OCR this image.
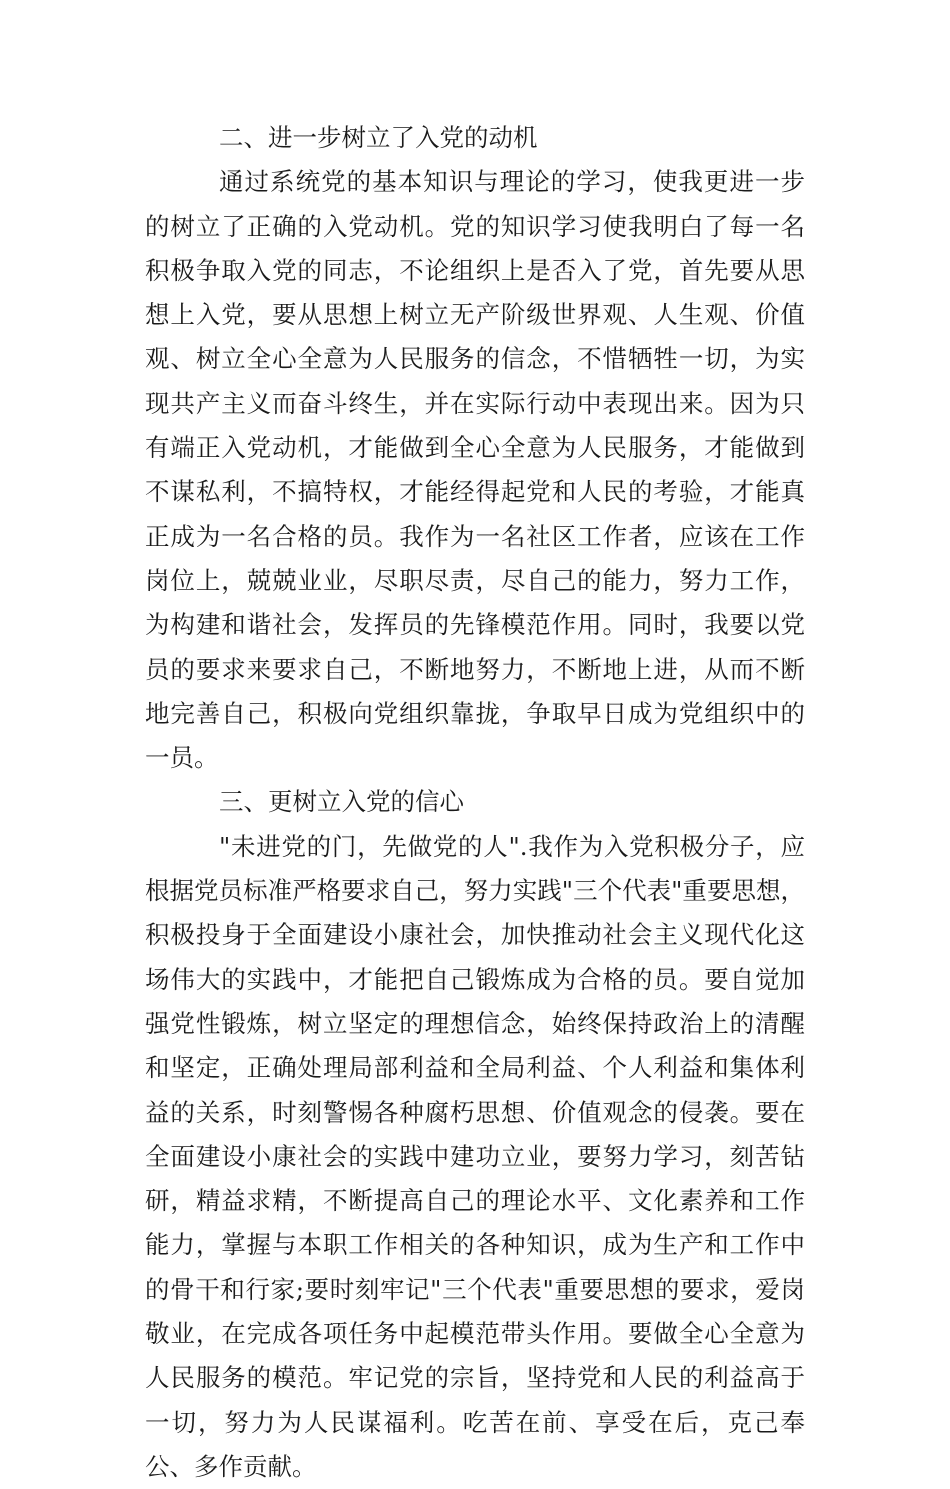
二、进一步树立了入党的动机

通过系统党的基本知识与理论的学习，使我更进一步的树立了正确的入党动机。党的知识学习使我明白了每一名积极争取入党的同志，不论组织上是否入了党，首先要从思想上入党，要从思想上树立无产阶级世界观、人生观、价值观、树立全心全意为人民服务的信念，不惜牺牲一切，为实现共产主义而奋斗终生，并在实际行动中表现出来。因为只有端正入党动机，才能做到全心全意为人民服务，才能做到不谋私利，不搞特权，才能经得起党和人民的考验，才能真正成为一名合格的员。我作为一名社区工作者，应该在工作岗位上，兢兢业业，尽职尽责，尽自己的能力，努力工作，为构建和谐社会，发挥员的先锋模范作用。同时，我要以党员的要求来要求自己，不断地努力，不断地上进，从而不断地完善自己，积极向党组织靠拢，争取早日成为党组织中的一员。

三、更树立入党的信心

"未进党的门，先做党的人".我作为入党积极分子，应根据党员标准严格要求自己，努力实践"三个代表"重要思想，积极投身于全面建设小康社会，加快推动社会主义现代化这场伟大的实践中，才能把自己锻炼成为合格的员。要自觉加强党性锻炼，树立坚定的理想信念，始终保持政治上的清醒和坚定，正确处理局部利益和全局利益、个人利益和集体利益的关系，时刻警惕各种腐朽思想、价值观念的侵袭。要在全面建设小康社会的实践中建功立业，要努力学习，刻苦钻研，精益求精，不断提高自己的理论水平、文化素养和工作能力，掌握与本职工作相关的各种知识，成为生产和工作中的骨干和行家;要时刻牢记"三个代表"重要思想的要求，爱岗敬业，在完成各项任务中起模范带头作用。要做全心全意为人民服务的模范。牢记党的宗旨，坚持党和人民的利益高于一切，努力为人民谋福利。吃苦在前、享受在后，克己奉公、多作贡献。
